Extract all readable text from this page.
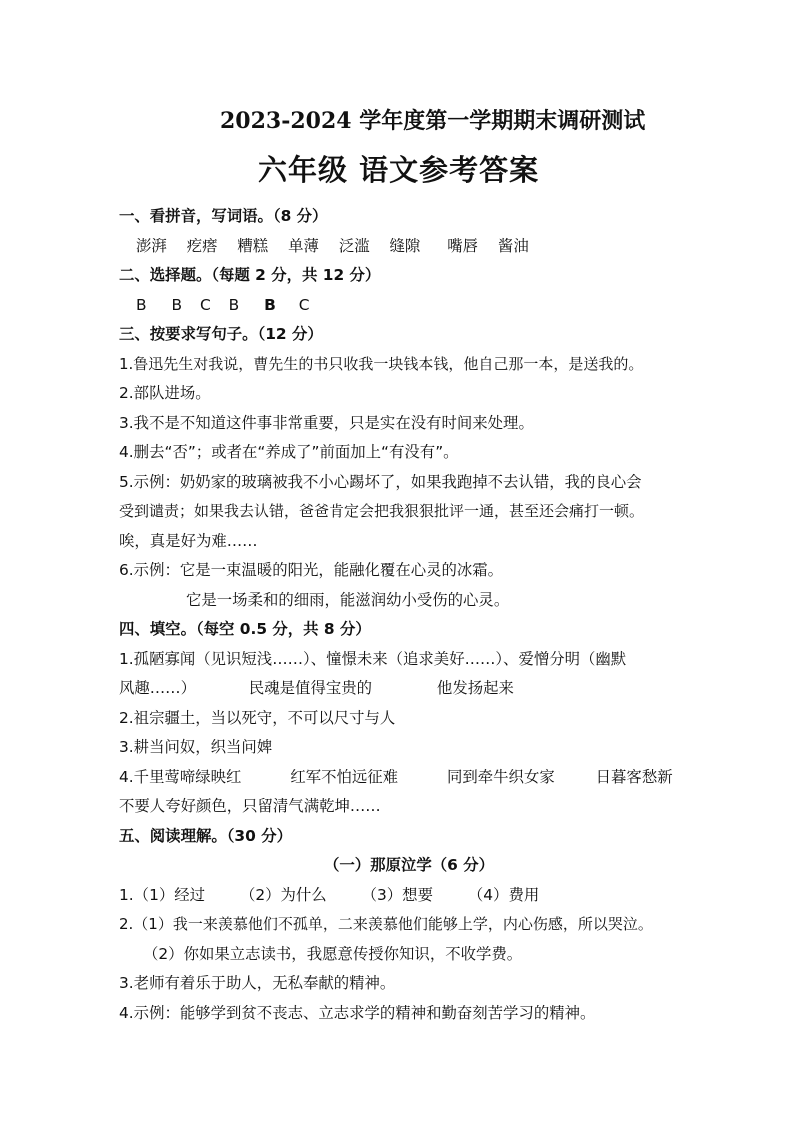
2023-2024 学年度第一学期期末调研测试
六年级 语文参考答案
一、看拼音，写词语。（8 分）
澎湃 疙瘩 糟糕 单薄 泛滥 缝隙 嘴唇 酱油
二、选择题。（每题 2 分，共 12 分）
B B C B B C
三、按要求写句子。（12 分）
1.鲁迅先生对我说，曹先生的书只收我一块钱本钱，他自己那一本，是送我的。
2.部队进场。
3.我不是不知道这件事非常重要，只是实在没有时间来处理。
4.删去“否”；或者在“养成了”前面加上“有没有”。
5.示例：奶奶家的玻璃被我不小心踢坏了，如果我跑掉不去认错，我的良心会
受到谴责；如果我去认错，爸爸肯定会把我狠狠批评一通，甚至还会痛打一顿。
唉，真是好为难……
6.示例：它是一束温暖的阳光，能融化覆在心灵的冰霜。
它是一场柔和的细雨，能滋润幼小受伤的心灵。
四、填空。（每空 0.5 分，共 8 分）
1.孤陋寡闻（见识短浅……）、憧憬未来（追求美好……）、爱憎分明（幽默
风趣……）	民魂是值得宝贵的	他发扬起来
2.祖宗疆土，当以死守，不可以尺寸与人
3.耕当问奴，织当问婢
4.千里莺啼绿映红	红军不怕远征难	同到牵牛织女家	日暮客愁新
不要人夸好颜色，只留清气满乾坤……
五、阅读理解。（30 分）
（一）那原泣学（6 分）
1.（1）经过 （2）为什么 （3）想要 （4）费用
2.（1）我一来羡慕他们不孤单，二来羡慕他们能够上学，内心伤感，所以哭泣。
（2）你如果立志读书，我愿意传授你知识，不收学费。
3.老师有着乐于助人，无私奉献的精神。
4.示例：能够学到贫不丧志、立志求学的精神和勤奋刻苦学习的精神。
